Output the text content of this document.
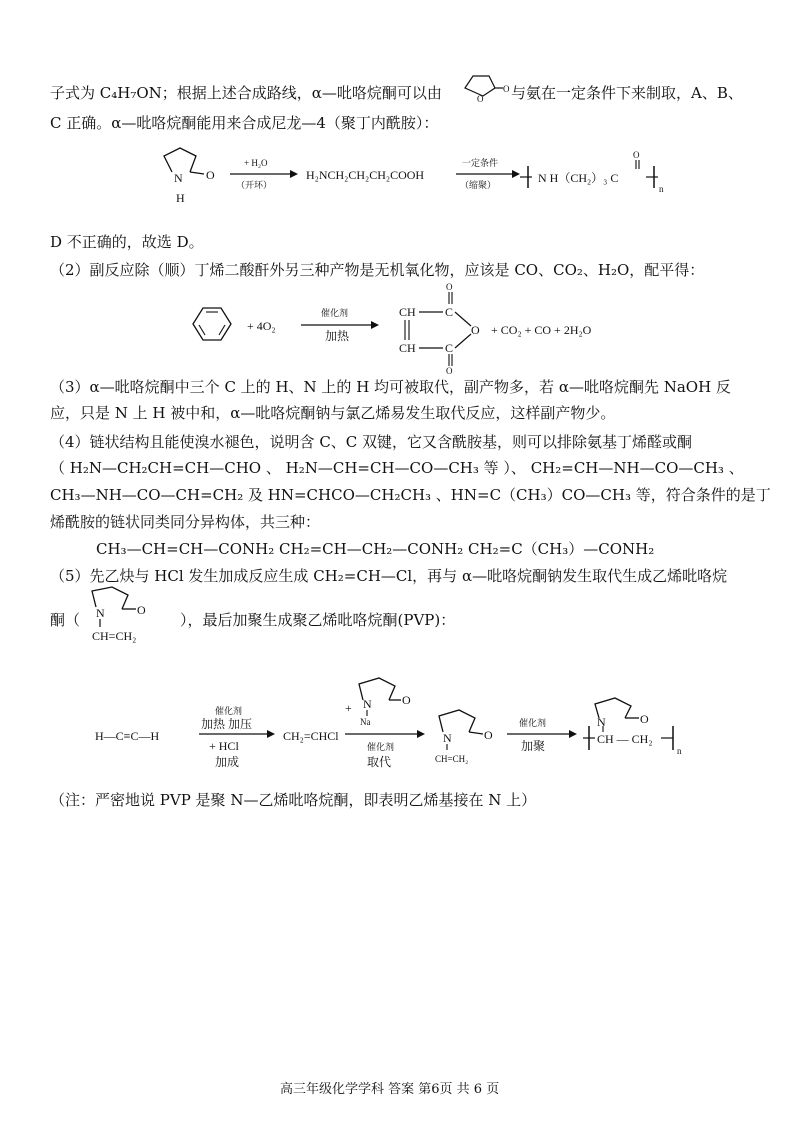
子式为 C₄H₇ON；根据上述合成路线，α—吡咯烷酮可以由	O
O 与氨在一定条件下来制取，A、B、
C 正确。α—吡咯烷酮能用来合成尼龙—4（聚丁内酰胺）：
N O
H
+ H₂O
（开环）
H₂NCH₂CH₂CH₂COOH
一定条件
（缩聚）	N H（CH₂）₃ C
O
n
D 不正确的，故选 D。
（2）副反应除（顺）丁烯二酸酐外另三种产物是无机氧化物，应该是 CO、CO₂、H₂O，配平得：
+ 4O₂
催化剂
加热
CH
CH
C
C
O
O
O + CO₂ + CO + 2H₂O
（3）α—吡咯烷酮中三个 C 上的 H、N 上的 H 均可被取代，副产物多，若 α—吡咯烷酮先 NaOH 反
应，只是 N 上 H 被中和，α—吡咯烷酮钠与氯乙烯易发生取代反应，这样副产物少。
（4）链状结构且能使溴水褪色，说明含 C、C 双键，它又含酰胺基，则可以排除氨基丁烯醛或酮
（ H₂N—CH₂CH=CH—CHO 、 H₂N—CH=CH—CO—CH₃ 等 ）、 CH₂=CH—NH—CO—CH₃ 、
CH₃—NH—CO—CH=CH₂ 及 HN=CHCO—CH₂CH₃ 、HN=C（CH₃）CO—CH₃ 等，符合条件的是丁
烯酰胺的链状同类同分异构体，共三种：
CH₃—CH=CH—CONH₂ CH₂=CH—CH₂—CONH₂ CH₂=C（CH₃）—CONH₂
（5）先乙炔与 HCl 发生加成反应生成 CH₂=CH—Cl，再与 α—吡咯烷酮钠发生取代生成乙烯吡咯烷
酮（ N	O
CH=CH₂
），最后加聚生成聚乙烯吡咯烷酮(PVP)：
H—C≡C—H
催化剂
加热 加压
+ HCl
加成
CH₂=CHCl
+ N	O
Na
催化剂
取代
N	O
CH=CH₂
催化剂
加聚	CH — CH₂
n
N	O
（注：严密地说 PVP 是聚 N—乙烯吡咯烷酮，即表明乙烯基接在 N 上）
高三年级化学学科 答案 第6页 共 6 页
